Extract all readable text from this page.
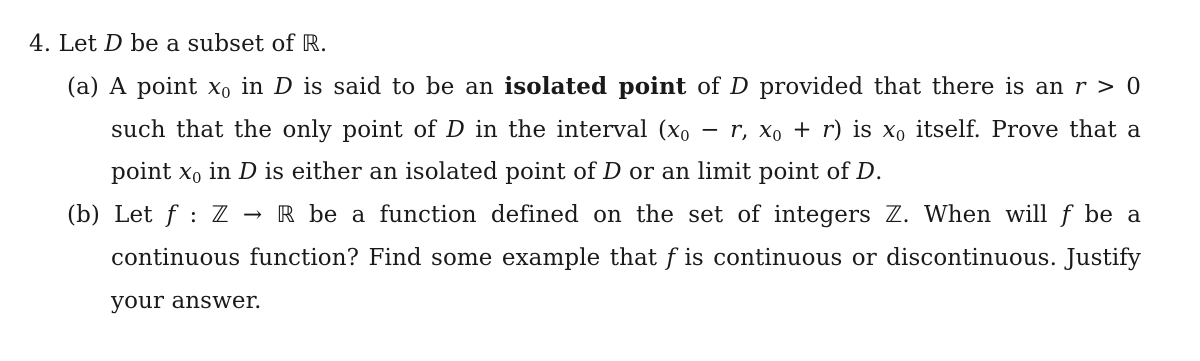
4. Let D be a subset of ℝ.
(a) A point $x_0$ in D is said to be an isolated point of D provided that there is an r > 0
such that the only point of D in the interval ($x_0 - r$, $x_0 + r$) is $x_0$ itself. Prove that a
point $x_0$ in D is either an isolated point of D or an limit point of D.
(b) Let f : ℤ → ℝ be a function defined on the set of integers ℤ. When will f be a
continuous function? Find some example that f is continuous or discontinuous. Justify
your answer.
